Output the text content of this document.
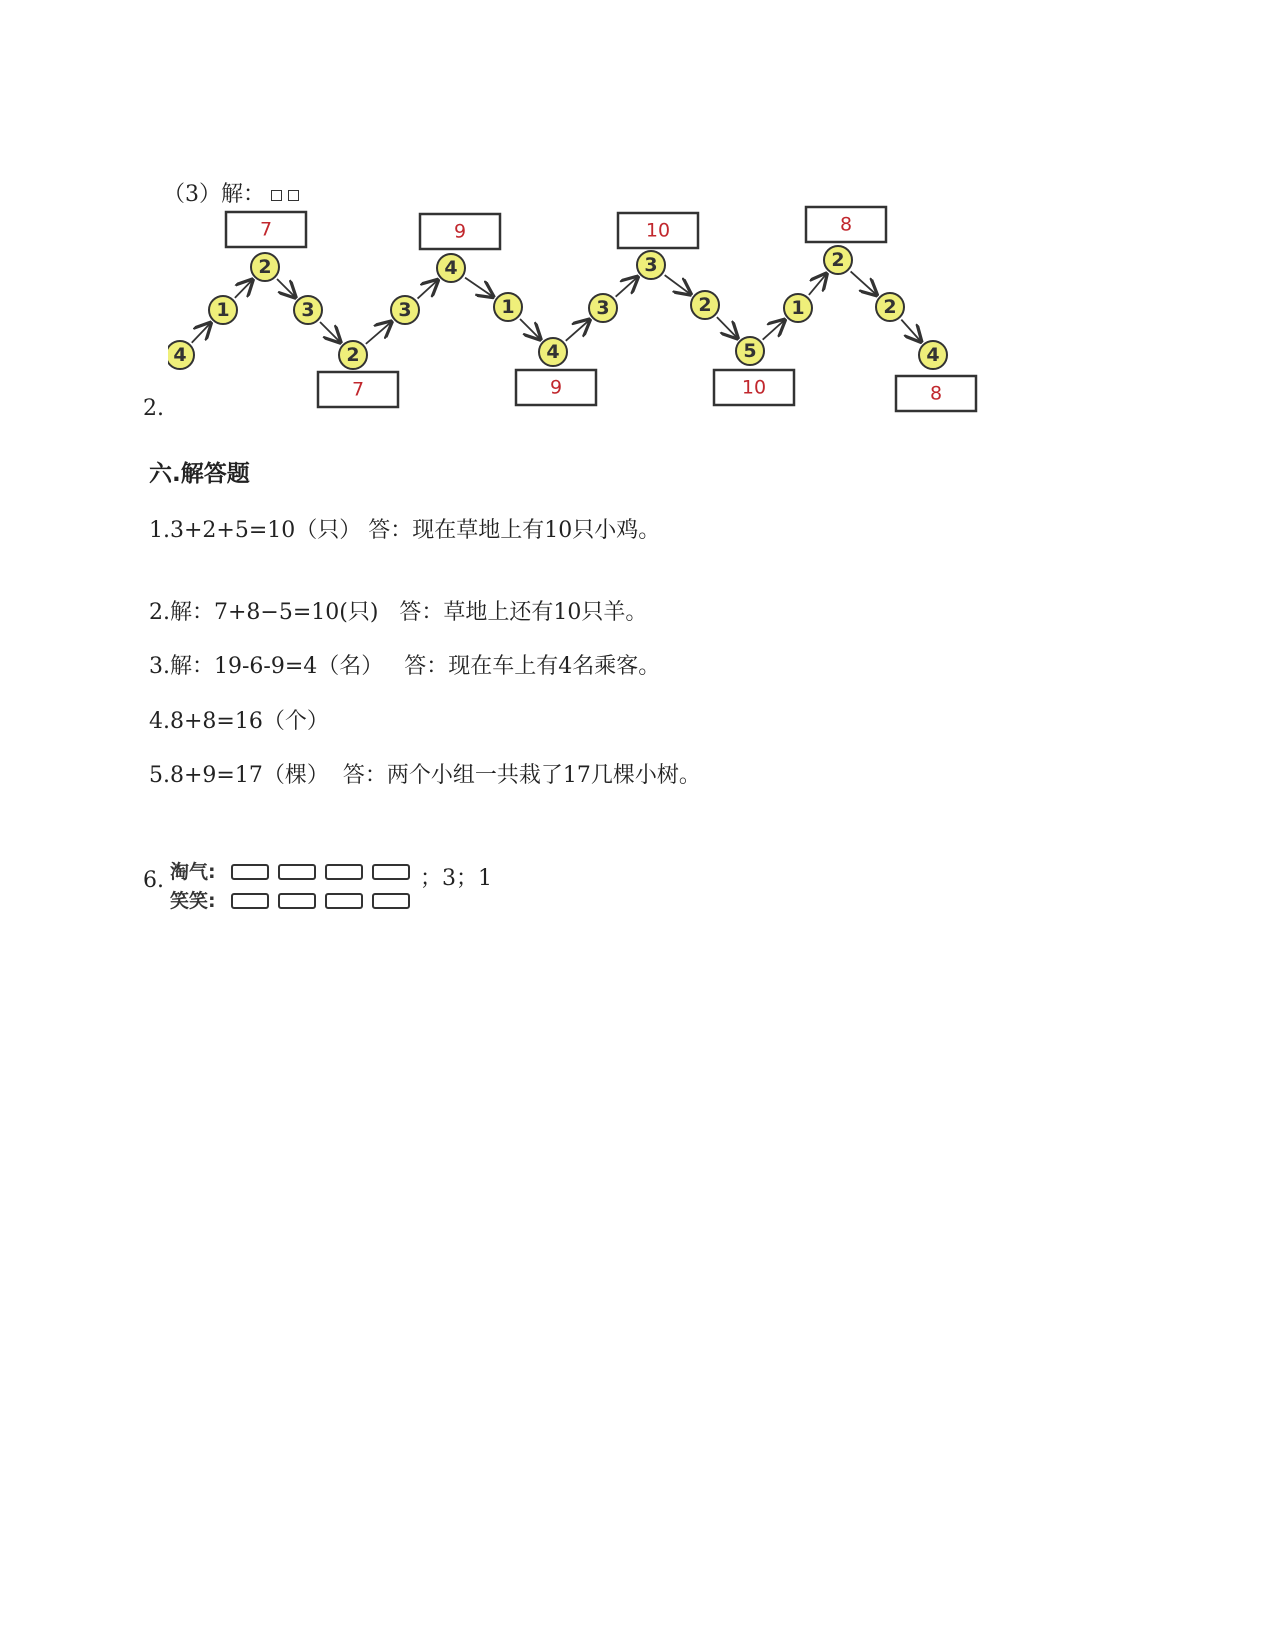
（3）解：

4
1
2
3
2
3
4
1
4
3
3
2
5
1
2
2
4
7	9	10	8
7	9	10	8
2.
六.解答题
1.3+2+5=10（只） 答：现在草地上有10只小鸡。
2.解：7+8−5=10(只)   答：草地上还有10只羊。
3.解：19-6-9=4（名）   答：现在车上有4名乘客。
4.8+8=16（个）
5.8+9=17（棵）  答：两个小组一共栽了17几棵小树。
6. 淘气:
笑笑:
；3；1
